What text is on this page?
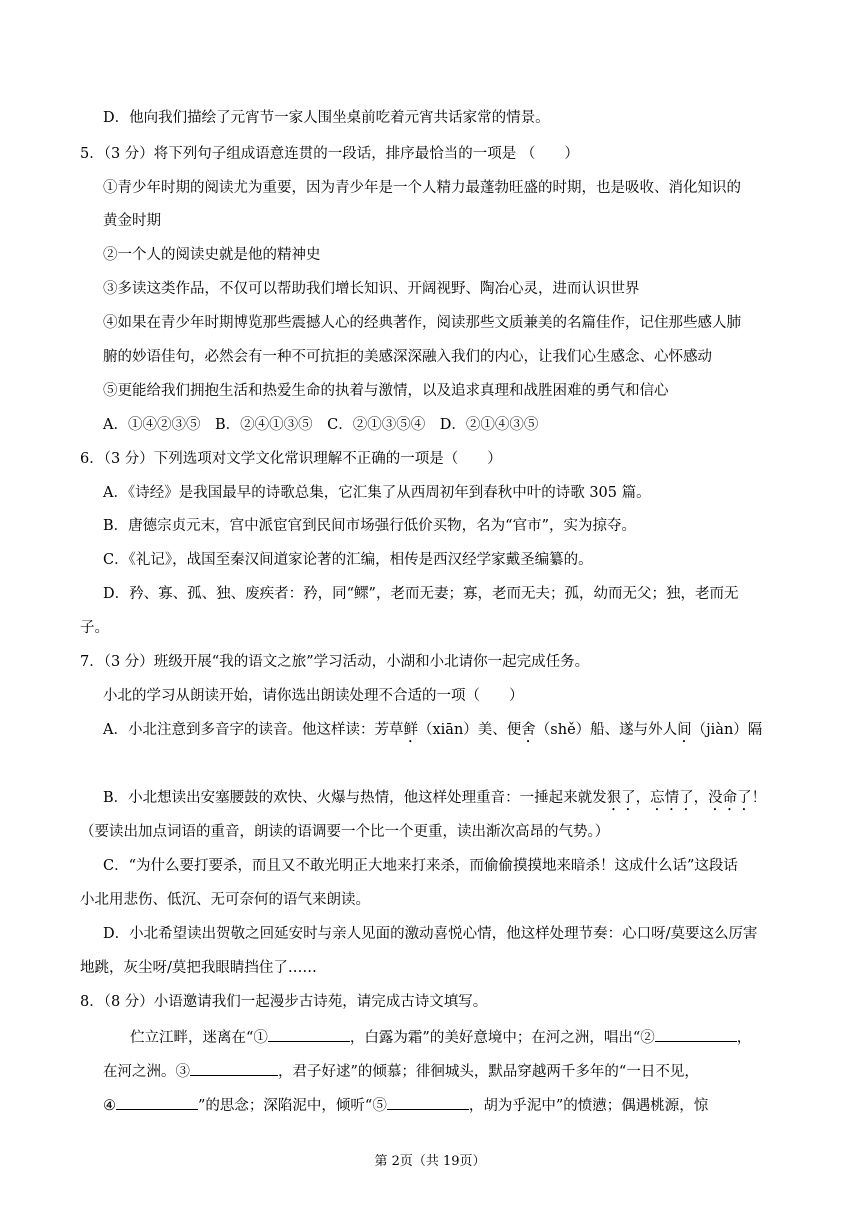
D．他向我们描绘了元宵节一家人围坐桌前吃着元宵共话家常的情景。
5．（3 分）将下列句子组成语意连贯的一段话，排序最恰当的一项是 （　　）
①青少年时期的阅读尤为重要，因为青少年是一个人精力最蓬勃旺盛的时期，也是吸收、消化知识的
黄金时期
②一个人的阅读史就是他的精神史
③多读这类作品，不仅可以帮助我们增长知识、开阔视野、陶冶心灵，进而认识世界
④如果在青少年时期博览那些震撼人心的经典著作，阅读那些文质兼美的名篇佳作，记住那些感人肺
腑的妙语佳句，必然会有一种不可抗拒的美感深深融入我们的内心，让我们心生感念、心怀感动
⑤更能给我们拥抱生活和热爱生命的执着与激情，以及追求真理和战胜困难的勇气和信心
A．①④②③⑤　B．②④①③⑤　C．②①③⑤④　D．②①④③⑤
6．（3 分）下列选项对文学文化常识理解不正确的一项是（　　）
A．《诗经》是我国最早的诗歌总集，它汇集了从西周初年到春秋中叶的诗歌 305 篇。
B．唐德宗贞元末，宫中派宦官到民间市场强行低价买物，名为“官市”，实为掠夺。
C．《礼记》，战国至秦汉间道家论著的汇编，相传是西汉经学家戴圣编纂的。
D．矜、寡、孤、独、废疾者：矜，同“鳏”，老而无妻；寡，老而无夫；孤，幼而无父；独，老而无
子。
7．（3 分）班级开展“我的语文之旅”学习活动，小湖和小北请你一起完成任务。
小北的学习从朗读开始，请你选出朗读处理不合适的一项（　　）
A．小北注意到多音字的读音。他这样读：芳草鲜（xiān）美、便舍（shě）船、遂与外人间（jiàn）隔
B．小北想读出安塞腰鼓的欢快、火爆与热情，他这样处理重音：一捶起来就发狠了，忘情了，没命了！
（要读出加点词语的重音，朗读的语调要一个比一个更重，读出渐次高昂的气势。）
C．“为什么要打要杀，而且又不敢光明正大地来打来杀，而偷偷摸摸地来暗杀！这成什么话”这段话
小北用悲伤、低沉、无可奈何的语气来朗读。
D．小北希望读出贺敬之回延安时与亲人见面的激动喜悦心情，他这样处理节奏：心口呀/莫要这么厉害
地跳，灰尘呀/莫把我眼睛挡住了……
8．（8 分）小语邀请我们一起漫步古诗苑，请完成古诗文填写。
伫立江畔，迷离在“①	，白露为霜”的美好意境中；在河之洲，唱出“②	，
在河之洲。③	，君子好逑”的倾慕；徘徊城头，默品穿越两千多年的“一日不见，
④	”的思念；深陷泥中，倾听“⑤	，胡为乎泥中”的愤懑；偶遇桃源，惊
第 2页（共 19页）
